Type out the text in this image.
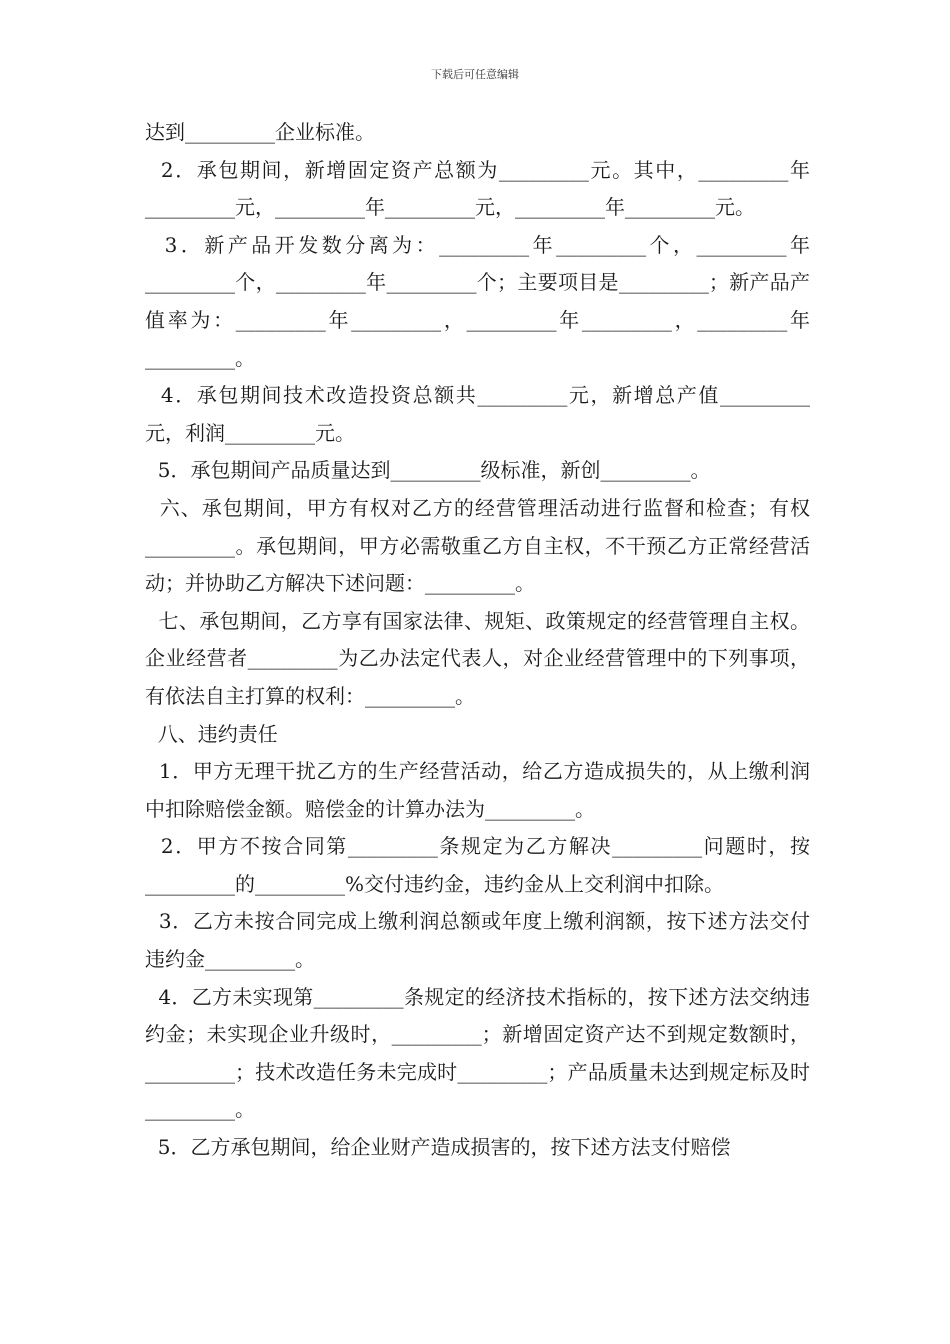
下载后可任意编辑

达到_________企业标准。

2．承包期间，新增固定资产总额为_________元。其中，_________年_________元，_________年_________元，_________年_________元。

3．新产品开发数分离为：_________年_________个，_________年_________个，_________年_________个；主要项目是_________；新产品产值率为：_________年_________，_________年_________，_________年_________。

4．承包期间技术改造投资总额共_________元，新增总产值_________元，利润_________元。

5．承包期间产品质量达到_________级标准，新创_________。

六、承包期间，甲方有权对乙方的经营管理活动进行监督和检查；有权_________。承包期间，甲方必需敬重乙方自主权，不干预乙方正常经营活动；并协助乙方解决下述问题：_________。

七、承包期间，乙方享有国家法律、规矩、政策规定的经营管理自主权。企业经营者_________为乙办法定代表人，对企业经营管理中的下列事项，有依法自主打算的权利：_________。

八、违约责任

1．甲方无理干扰乙方的生产经营活动，给乙方造成损失的，从上缴利润中扣除赔偿金额。赔偿金的计算办法为_________。

2．甲方不按合同第_________条规定为乙方解决_________问题时，按_________的_________%交付违约金，违约金从上交利润中扣除。

3．乙方未按合同完成上缴利润总额或年度上缴利润额，按下述方法交付违约金_________。

4．乙方未实现第_________条规定的经济技术指标的，按下述方法交纳违约金；未实现企业升级时，_________；新增固定资产达不到规定数额时，_________；技术改造任务未完成时_________；产品质量未达到规定标及时_________。

5．乙方承包期间，给企业财产造成损害的，按下述方法支付赔偿
